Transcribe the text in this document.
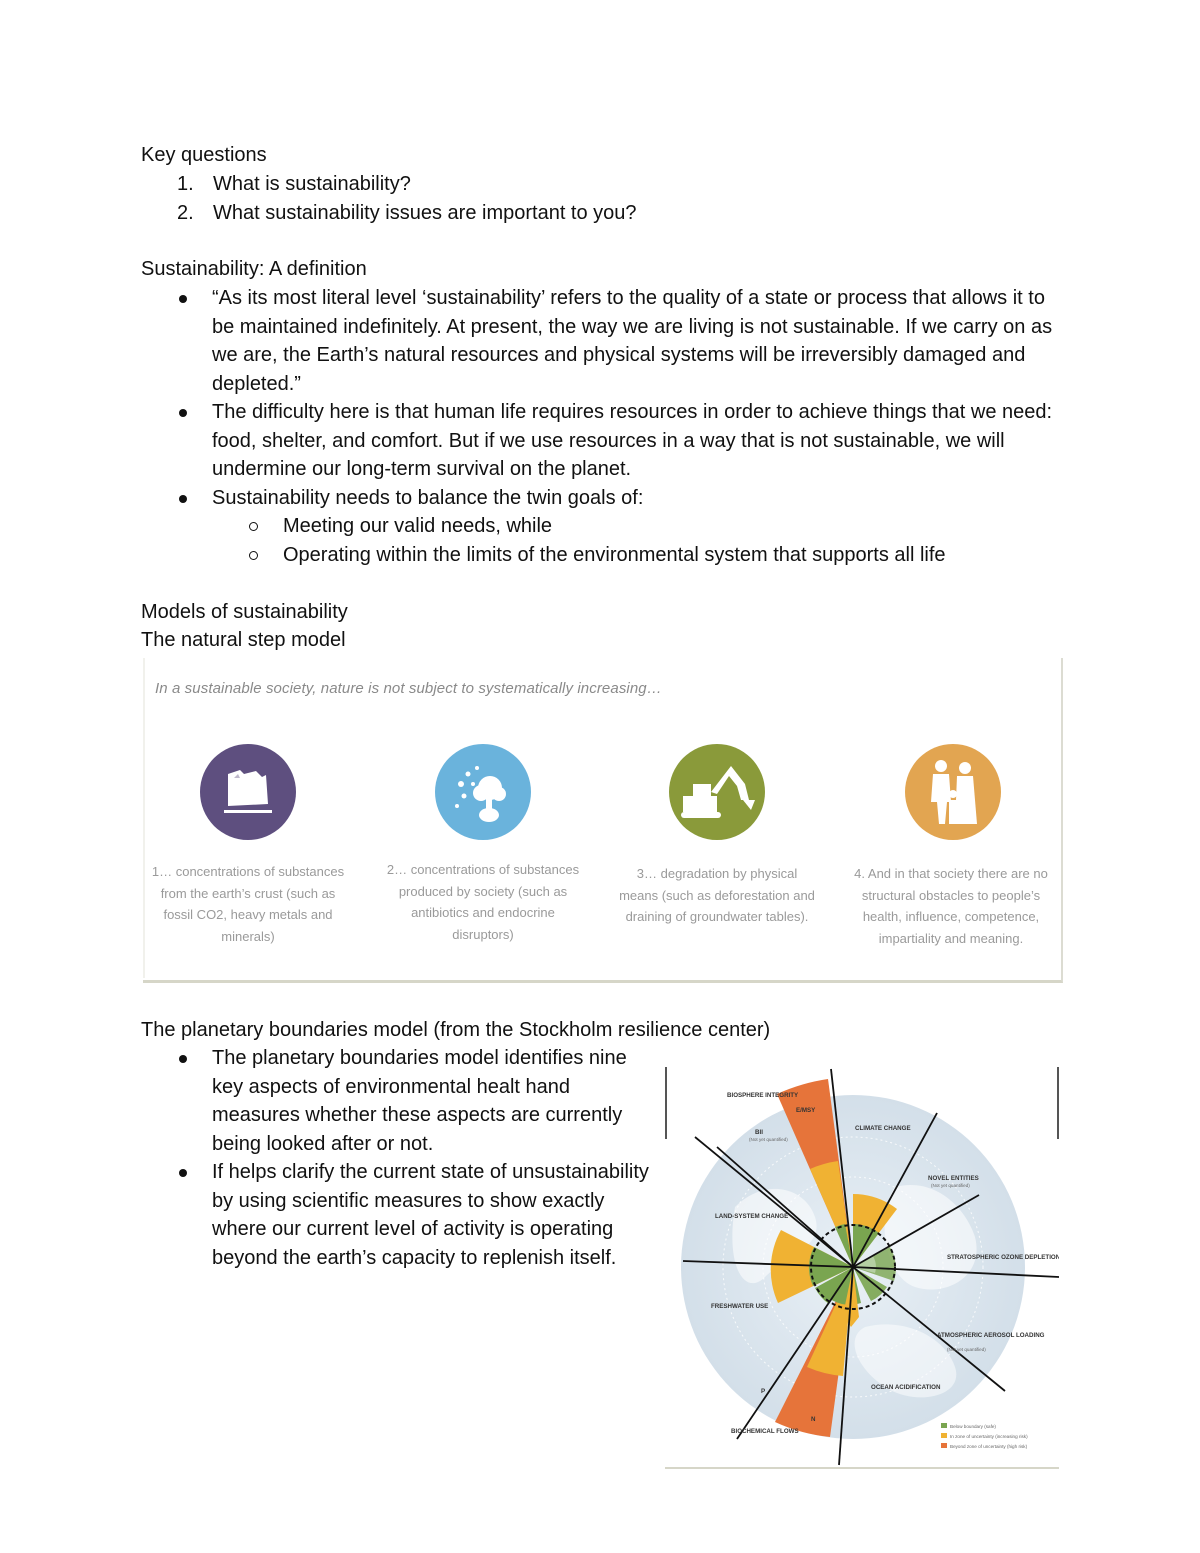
Key questions
1. What is sustainability?
2. What sustainability issues are important to you?
Sustainability: A definition
“As its most literal level ‘sustainability’ refers to the quality of a state or process that allows it to be maintained indefinitely. At present, the way we are living is not sustainable. If we carry on as we are, the Earth’s natural resources and physical systems will be irreversibly damaged and depleted.”
The difficulty here is that human life requires resources in order to achieve things that we need: food, shelter, and comfort. But if we use resources in a way that is not sustainable, we will undermine our long-term survival on the planet.
Sustainability needs to balance the twin goals of:
Meeting our valid needs, while
Operating within the limits of the environmental system that supports all life
Models of sustainability
The natural step model
In a sustainable society, nature is not subject to systematically increasing…
1… concentrations of substances from the earth’s crust (such as fossil CO2, heavy metals and minerals)
2… concentrations of substances produced by society (such as antibiotics and endocrine disruptors)
3… degradation by physical means (such as deforestation and draining of groundwater tables).
4. And in that society there are no structural obstacles to people’s health, influence, competence, impartiality and meaning.
The planetary boundaries model (from the Stockholm resilience center)
The planetary boundaries model identifies nine key aspects of environmental healt hand measures whether these aspects are currently being looked after or not.
If helps clarify the current state of unsustainability by using scientific measures to show exactly where our current level of activity is operating beyond the earth’s capacity to replenish itself.
BIOSPHERE INTEGRITY
E/MSY
BII
(Not yet quantified)
CLIMATE CHANGE
NOVEL ENTITIES
(Not yet quantified)
LAND-SYSTEM CHANGE
STRATOSPHERIC OZONE DEPLETION
FRESHWATER USE
ATMOSPHERIC AEROSOL LOADING
(Not yet quantified)
OCEAN ACIDIFICATION
P
N
BIOCHEMICAL FLOWS
Below boundary (safe)
In zone of uncertainty (increasing risk)
Beyond zone of uncertainty (high risk)
